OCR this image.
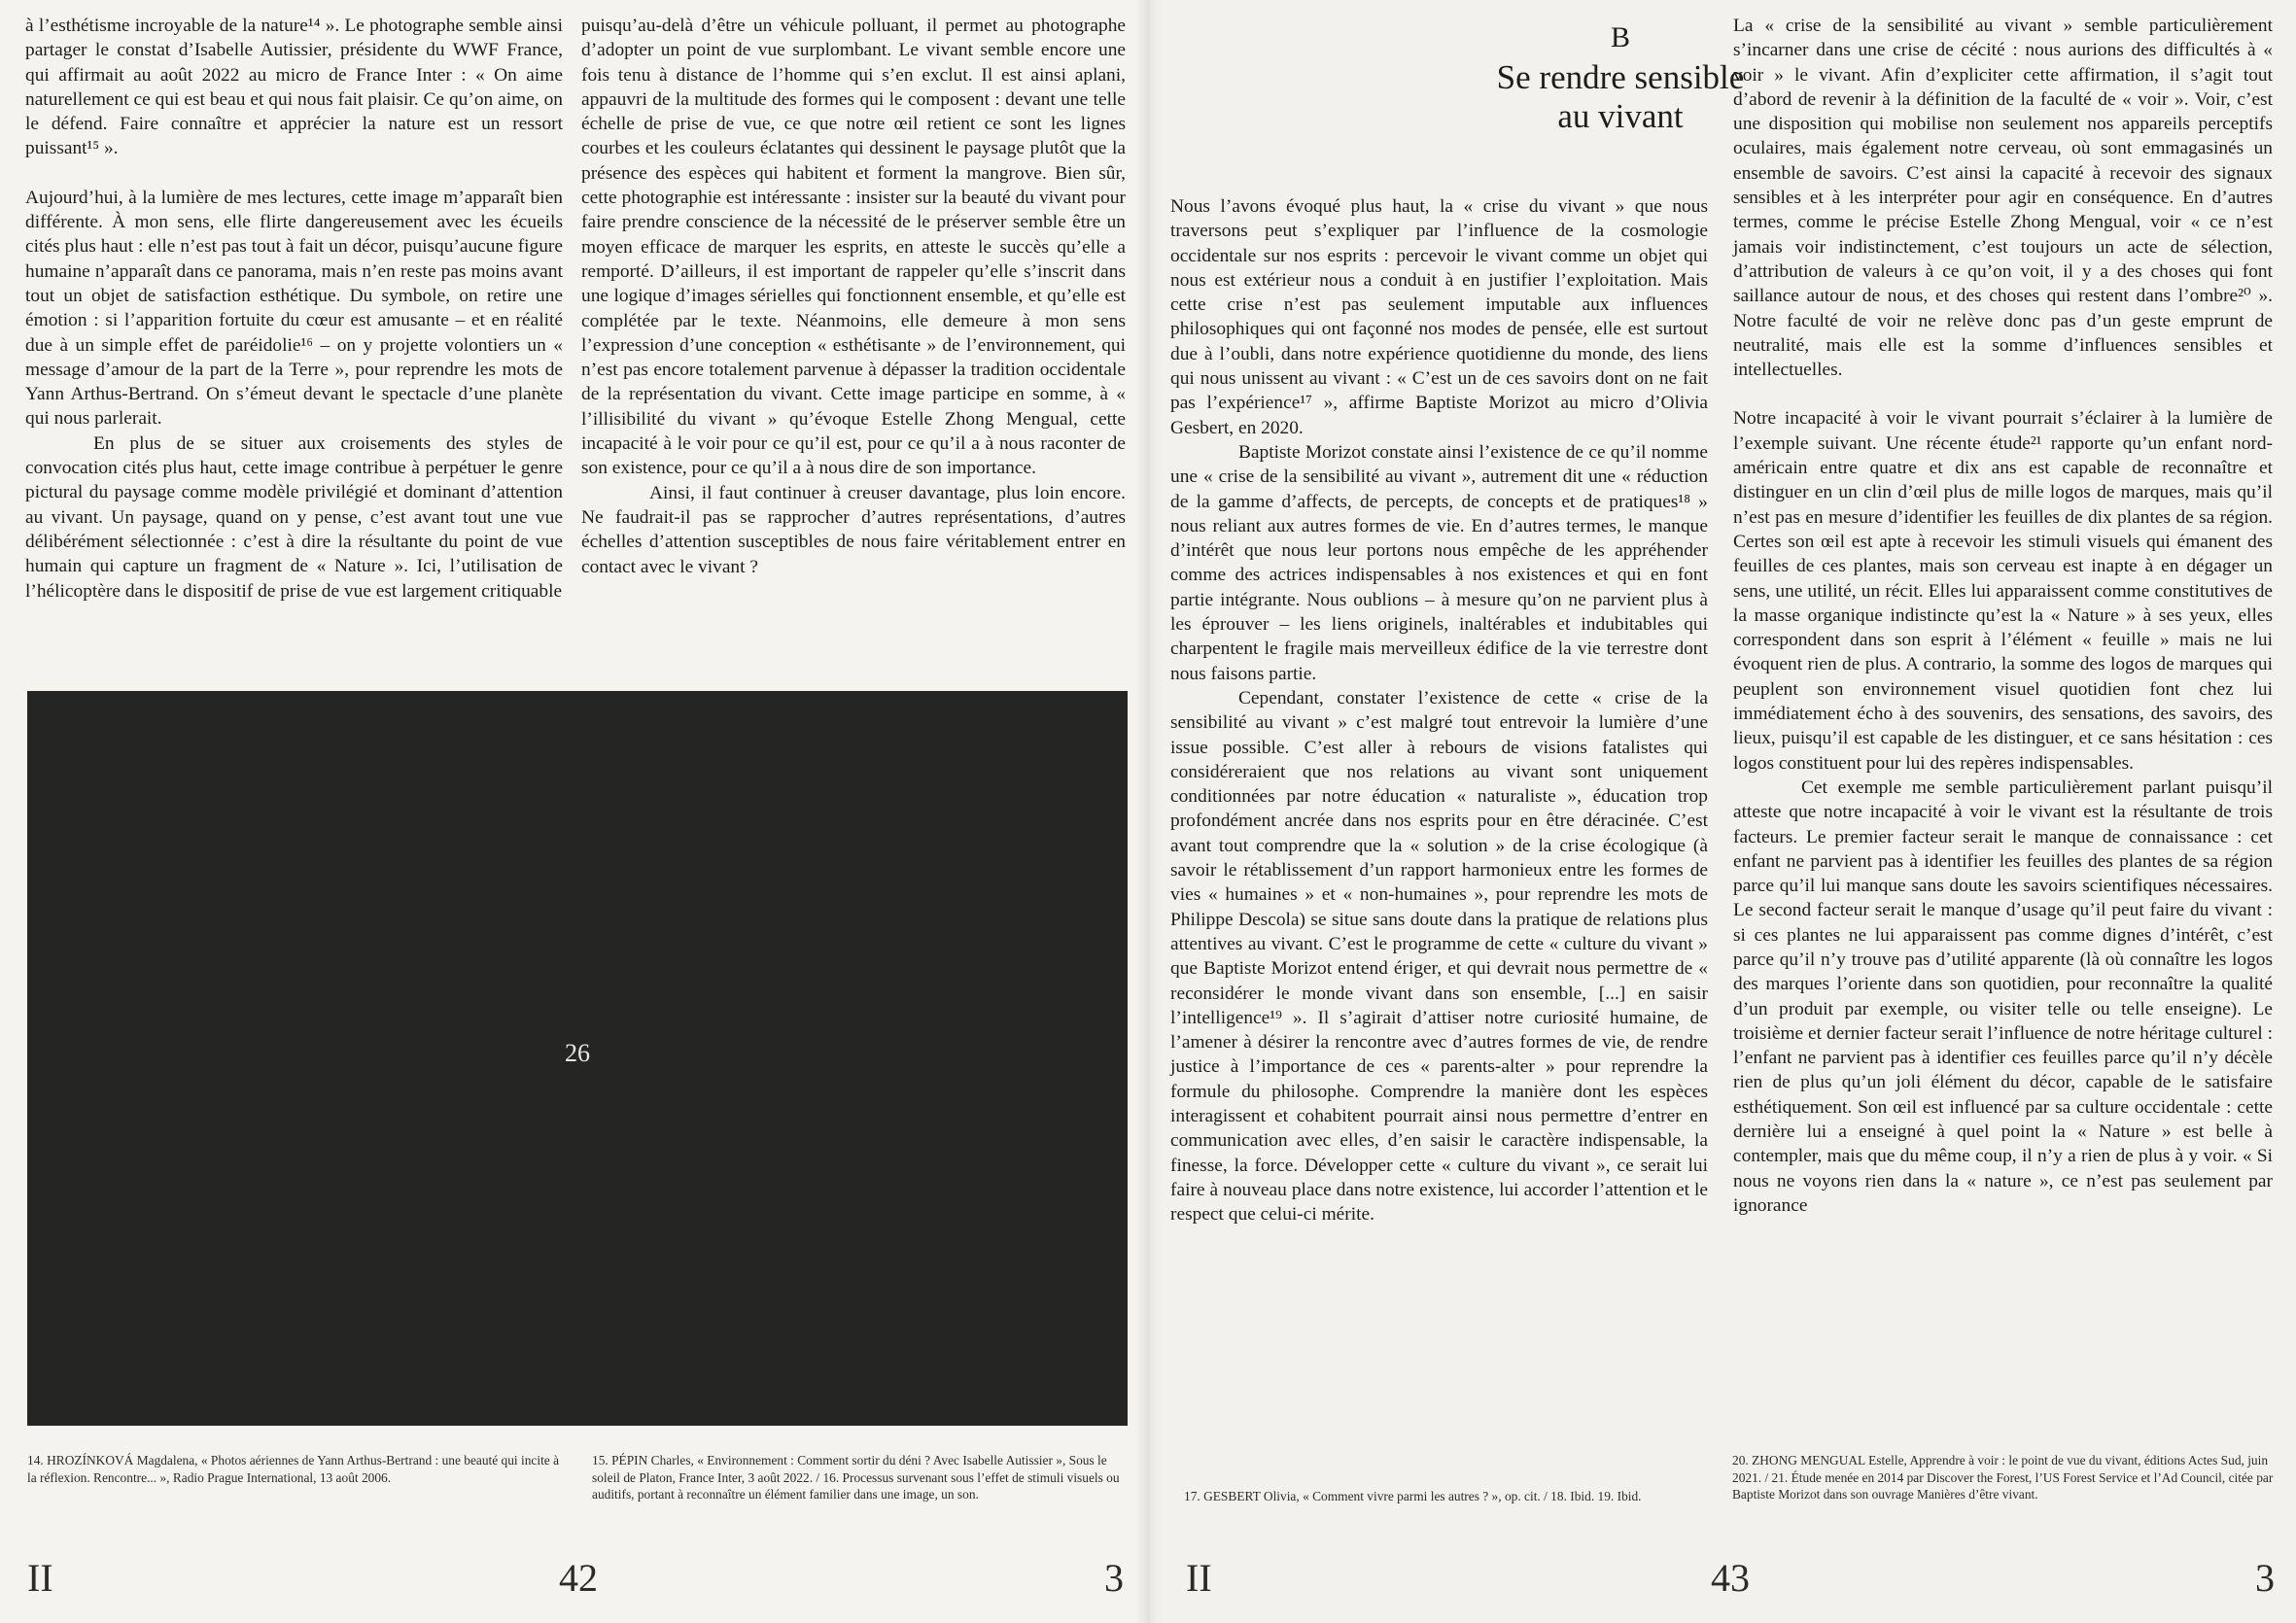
à l’esthétisme incroyable de la nature¹⁴ ». Le photographe semble ainsi partager le constat d’Isabelle Autissier, présidente du WWF France, qui affirmait au août 2022 au micro de France Inter : « On aime naturellement ce qui est beau et qui nous fait plaisir. Ce qu’on aime, on le défend. Faire connaître et apprécier la nature est un ressort puissant¹⁵ ».

Aujourd’hui, à la lumière de mes lectures, cette image m’apparaît bien différente. À mon sens, elle flirte dangereusement avec les écueils cités plus haut : elle n’est pas tout à fait un décor, puisqu’aucune figure humaine n’apparaît dans ce panorama, mais n’en reste pas moins avant tout un objet de satisfaction esthétique. Du symbole, on retire une émotion : si l’apparition fortuite du cœur est amusante – et en réalité due à un simple effet de paréidolie¹⁶ – on y projette volontiers un « message d’amour de la part de la Terre », pour reprendre les mots de Yann Arthus-Bertrand. On s’émeut devant le spectacle d’une planète qui nous parlerait.

En plus de se situer aux croisements des styles de convocation cités plus haut, cette image contribue à perpétuer le genre pictural du paysage comme modèle privilégié et dominant d’attention au vivant. Un paysage, quand on y pense, c’est avant tout une vue délibérément sélectionnée : c’est à dire la résultante du point de vue humain qui capture un fragment de « Nature ». Ici, l’utilisation de l’hélicoptère dans le dispositif de prise de vue est largement critiquable

puisqu’au-delà d’être un véhicule polluant, il permet au photographe d’adopter un point de vue surplombant. Le vivant semble encore une fois tenu à distance de l’homme qui s’en exclut. Il est ainsi aplani, appauvri de la multitude des formes qui le composent : devant une telle échelle de prise de vue, ce que notre œil retient ce sont les lignes courbes et les couleurs éclatantes qui dessinent le paysage plutôt que la présence des espèces qui habitent et forment la mangrove. Bien sûr, cette photographie est intéressante : insister sur la beauté du vivant pour faire prendre conscience de la nécessité de le préserver semble être un moyen efficace de marquer les esprits, en atteste le succès qu’elle a remporté. D’ailleurs, il est important de rappeler qu’elle s’inscrit dans une logique d’images sérielles qui fonctionnent ensemble, et qu’elle est complétée par le texte. Néanmoins, elle demeure à mon sens l’expression d’une conception « esthétisante » de l’environnement, qui n’est pas encore totalement parvenue à dépasser la tradition occidentale de la représentation du vivant. Cette image participe en somme, à « l’illisibilité du vivant » qu’évoque Estelle Zhong Mengual, cette incapacité à le voir pour ce qu’il est, pour ce qu’il a à nous raconter de son existence, pour ce qu’il a à nous dire de son importance.

Ainsi, il faut continuer à creuser davantage, plus loin encore. Ne faudrait-il pas se rapprocher d’autres représentations, d’autres échelles d’attention susceptibles de nous faire véritablement entrer en contact avec le vivant ?

26

14. HROZÍNKOVÁ Magdalena, « Photos aériennes de Yann Arthus-Bertrand : une beauté qui incite à la réflexion. Rencontre... », Radio Prague International, 13 août 2006.

15. PÉPIN Charles, « Environnement : Comment sortir du déni ? Avec Isabelle Autissier », Sous le soleil de Platon, France Inter, 3 août 2022. / 16. Processus survenant sous l’effet de stimuli visuels ou auditifs, portant à reconnaître un élément familier dans une image, un son.

II	42	3

Nous l’avons évoqué plus haut, la « crise du vivant » que nous traversons peut s’expliquer par l’influence de la cosmologie occidentale sur nos esprits : percevoir le vivant comme un objet qui nous est extérieur nous a conduit à en justifier l’exploitation. Mais cette crise n’est pas seulement imputable aux influences philosophiques qui ont façonné nos modes de pensée, elle est surtout due à l’oubli, dans notre expérience quotidienne du monde, des liens qui nous unissent au vivant : « C’est un de ces savoirs dont on ne fait pas l’expérience¹⁷ », affirme Baptiste Morizot au micro d’Olivia Gesbert, en 2020.

Baptiste Morizot constate ainsi l’existence de ce qu’il nomme une « crise de la sensibilité au vivant », autrement dit une « réduction de la gamme d’affects, de percepts, de concepts et de pratiques¹⁸ » nous reliant aux autres formes de vie. En d’autres termes, le manque d’intérêt que nous leur portons nous empêche de les appréhender comme des actrices indispensables à nos existences et qui en font partie intégrante. Nous oublions – à mesure qu’on ne parvient plus à les éprouver – les liens originels, inaltérables et indubitables qui charpentent le fragile mais merveilleux édifice de la vie terrestre dont nous faisons partie.

Cependant, constater l’existence de cette « crise de la sensibilité au vivant » c’est malgré tout entrevoir la lumière d’une issue possible. C’est aller à rebours de visions fatalistes qui considéreraient que nos relations au vivant sont uniquement conditionnées par notre éducation « naturaliste », éducation trop profondément ancrée dans nos esprits pour en être déracinée. C’est avant tout comprendre que la « solution » de la crise écologique (à savoir le rétablissement d’un rapport harmonieux entre les formes de vies « humaines » et « non-humaines », pour reprendre les mots de Philippe Descola) se situe sans doute dans la pratique de relations plus attentives au vivant. C’est le programme de cette « culture du vivant » que Baptiste Morizot entend ériger, et qui devrait nous permettre de « reconsidérer le monde vivant dans son ensemble, [...] en saisir l’intelligence¹⁹ ». Il s’agirait d’attiser notre curiosité humaine, de l’amener à désirer la rencontre avec d’autres formes de vie, de rendre justice à l’importance de ces « parents-alter » pour reprendre la formule du philosophe. Comprendre la manière dont les espèces interagissent et cohabitent pourrait ainsi nous permettre d’entrer en communication avec elles, d’en saisir le caractère indispensable, la finesse, la force. Développer cette « culture du vivant », ce serait lui faire à nouveau place dans notre existence, lui accorder l’attention et le respect que celui-ci mérite.

La « crise de la sensibilité au vivant » semble particulièrement s’incarner dans une crise de cécité : nous aurions des difficultés à « voir » le vivant. Afin d’expliciter cette affirmation, il s’agit tout d’abord de revenir à la définition de la faculté de « voir ». Voir, c’est une disposition qui mobilise non seulement nos appareils perceptifs oculaires, mais également notre cerveau, où sont emmagasinés un ensemble de savoirs. C’est ainsi la capacité à recevoir des signaux sensibles et à les interpréter pour agir en conséquence. En d’autres termes, comme le précise Estelle Zhong Mengual, voir « ce n’est jamais voir indistinctement, c’est toujours un acte de sélection, d’attribution de valeurs à ce qu’on voit, il y a des choses qui font saillance autour de nous, et des choses qui restent dans l’ombre²⁰ ». Notre faculté de voir ne relève donc pas d’un geste emprunt de neutralité, mais elle est la somme d’influences sensibles et intellectuelles.

Notre incapacité à voir le vivant pourrait s’éclairer à la lumière de l’exemple suivant. Une récente étude²¹ rapporte qu’un enfant nord-américain entre quatre et dix ans est capable de reconnaître et distinguer en un clin d’œil plus de mille logos de marques, mais qu’il n’est pas en mesure d’identifier les feuilles de dix plantes de sa région. Certes son œil est apte à recevoir les stimuli visuels qui émanent des feuilles de ces plantes, mais son cerveau est inapte à en dégager un sens, une utilité, un récit. Elles lui apparaissent comme constitutives de la masse organique indistincte qu’est la « Nature » à ses yeux, elles correspondent dans son esprit à l’élément « feuille » mais ne lui évoquent rien de plus. A contrario, la somme des logos de marques qui peuplent son environnement visuel quotidien font chez lui immédiatement écho à des souvenirs, des sensations, des savoirs, des lieux, puisqu’il est capable de les distinguer, et ce sans hésitation : ces logos constituent pour lui des repères indispensables.

Cet exemple me semble particulièrement parlant puisqu’il atteste que notre incapacité à voir le vivant est la résultante de trois facteurs. Le premier facteur serait le manque de connaissance : cet enfant ne parvient pas à identifier les feuilles des plantes de sa région parce qu’il lui manque sans doute les savoirs scientifiques nécessaires. Le second facteur serait le manque d’usage qu’il peut faire du vivant : si ces plantes ne lui apparaissent pas comme dignes d’intérêt, c’est parce qu’il n’y trouve pas d’utilité apparente (là où connaître les logos des marques l’oriente dans son quotidien, pour reconnaître la qualité d’un produit par exemple, ou visiter telle ou telle enseigne). Le troisième et dernier facteur serait l’influence de notre héritage culturel : l’enfant ne parvient pas à identifier ces feuilles parce qu’il n’y décèle rien de plus qu’un joli élément du décor, capable de le satisfaire esthétiquement. Son œil est influencé par sa culture occidentale : cette dernière lui a enseigné à quel point la « Nature » est belle à contempler, mais que du même coup, il n’y a rien de plus à y voir. « Si nous ne voyons rien dans la « nature », ce n’est pas seulement par ignorance

17. GESBERT Olivia, « Comment vivre parmi les autres ? », op. cit. / 18. Ibid. 19. Ibid.

20. ZHONG MENGUAL Estelle, Apprendre à voir : le point de vue du vivant, éditions Actes Sud, juin 2021. / 21. Étude menée en 2014 par Discover the Forest, l’US Forest Service et l’Ad Council, citée par Baptiste Morizot dans son ouvrage Manières d’être vivant.

II	43	3
B
Se rendre sensible
au vivant
